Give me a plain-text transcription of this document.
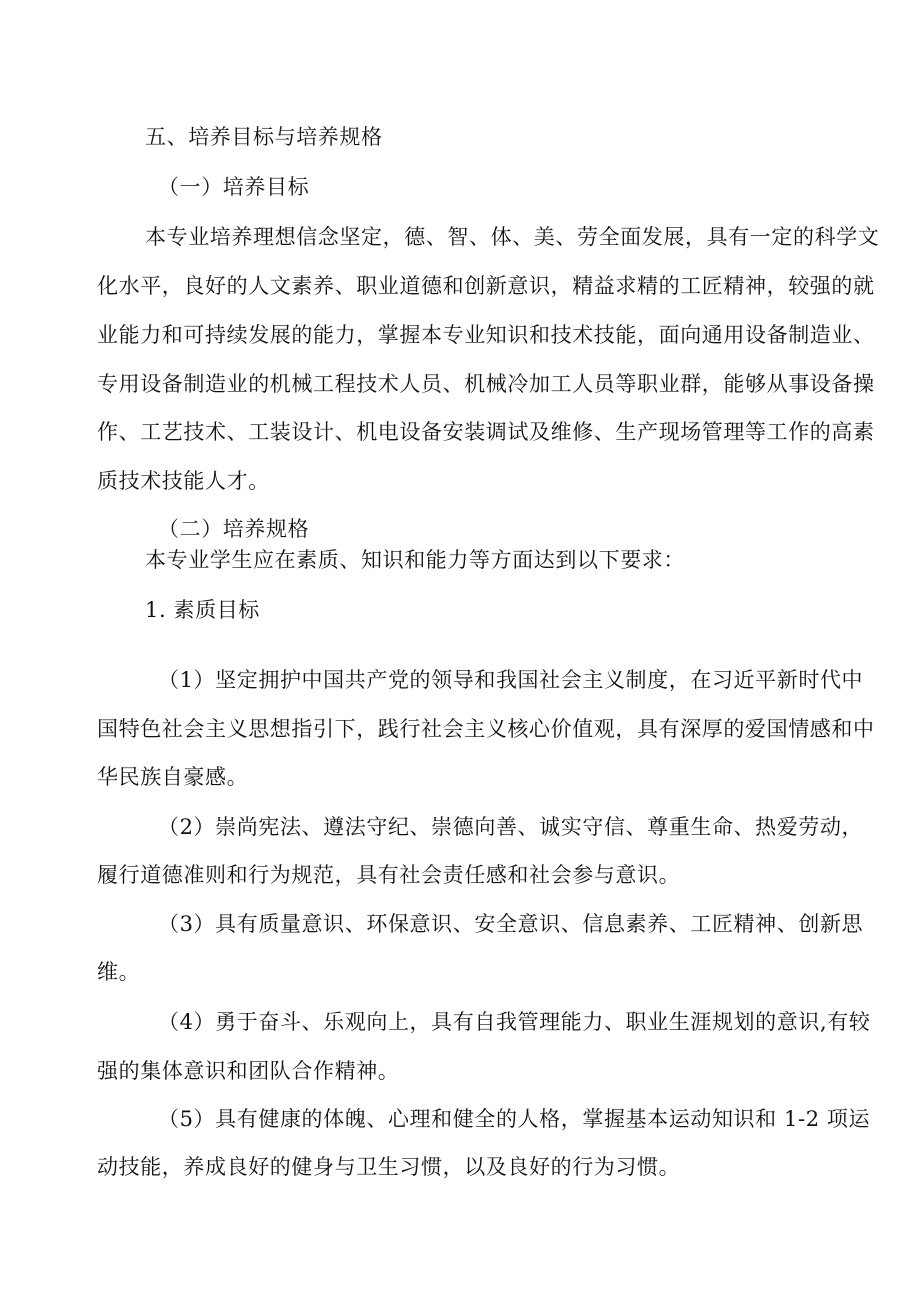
五、培养目标与培养规格
（一）培养目标
本专业培养理想信念坚定，德、智、体、美、劳全面发展，具有一定的科学文
化水平，良好的人文素养、职业道德和创新意识，精益求精的工匠精神，较强的就
业能力和可持续发展的能力，掌握本专业知识和技术技能，面向通用设备制造业、
专用设备制造业的机械工程技术人员、机械冷加工人员等职业群，能够从事设备操
作、工艺技术、工装设计、机电设备安装调试及维修、生产现场管理等工作的高素
质技术技能人才。
（二）培养规格
本专业学生应在素质、知识和能力等方面达到以下要求：
1. 素质目标
（1）坚定拥护中国共产党的领导和我国社会主义制度，在习近平新时代中
国特色社会主义思想指引下，践行社会主义核心价值观，具有深厚的爱国情感和中
华民族自豪感。
（2）崇尚宪法、遵法守纪、崇德向善、诚实守信、尊重生命、热爱劳动，
履行道德准则和行为规范，具有社会责任感和社会参与意识。
（3）具有质量意识、环保意识、安全意识、信息素养、工匠精神、创新思
维。
（4）勇于奋斗、乐观向上，具有自我管理能力、职业生涯规划的意识,有较
强的集体意识和团队合作精神。
（5）具有健康的体魄、心理和健全的人格，掌握基本运动知识和 1-2 项运
动技能，养成良好的健身与卫生习惯，以及良好的行为习惯。
